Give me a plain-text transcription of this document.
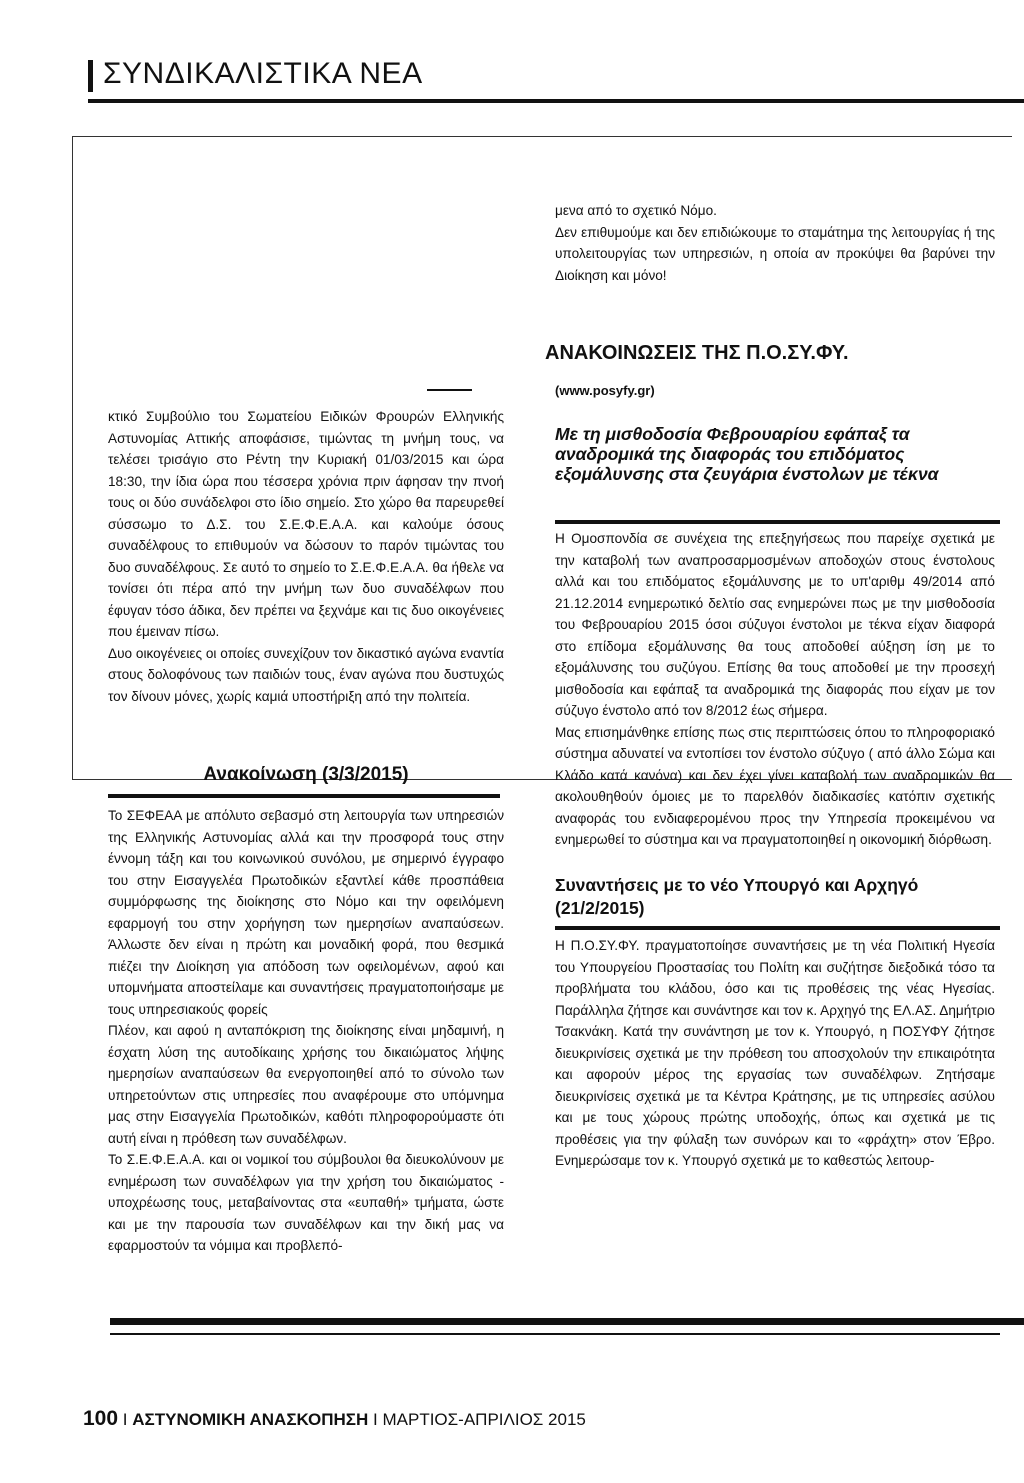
ΣΥΝΔΙΚΑΛΙΣΤΙΚΑ ΝΕΑ

μενα από το σχετικό Νόμο.

Δεν επιθυμούμε και δεν επιδιώκουμε το σταμάτημα της λειτουργίας ή της υπολειτουργίας των υπηρεσιών, η οποία αν προκύψει θα βαρύνει την Διοίκηση και μόνο!

κτικό Συμβούλιο του Σωματείου Ειδικών Φρουρών Ελληνικής Αστυνομίας Αττικής αποφάσισε, τιμώντας τη μνήμη τους, να τελέσει τρισάγιο στο Ρέντη την Κυριακή 01/03/2015 και ώρα 18:30, την ίδια ώρα που τέσσερα χρόνια πριν άφησαν την πνοή τους οι δύο συνάδελφοι στο ίδιο σημείο. Στο χώρο θα παρευρεθεί σύσσωμο το Δ.Σ. του Σ.Ε.Φ.Ε.Α.Α. και καλούμε όσους συναδέλφους το επιθυμούν να δώσουν το παρόν τιμώντας του δυο συναδέλφους. Σε αυτό το σημείο το Σ.Ε.Φ.Ε.Α.Α. θα ήθελε να τονίσει ότι πέρα από την μνήμη των δυο συναδέλφων που έφυγαν τόσο άδικα, δεν πρέπει να ξεχνάμε και τις δυο οικογένειες που έμειναν πίσω.

Δυο οικογένειες οι οποίες συνεχίζουν τον δικαστικό αγώνα εναντία στους δολοφόνους των παιδιών τους, έναν αγώνα που δυστυχώς τον δίνουν μόνες, χωρίς καμιά υποστήριξη από την πολιτεία.

Ανακοίνωση (3/3/2015)

Το ΣΕΦΕΑΑ με απόλυτο σεβασμό στη λειτουργία των υπηρεσιών της Ελληνικής Αστυνομίας αλλά και την προσφορά τους στην έννομη τάξη και του κοινωνικού συνόλου, με σημερινό έγγραφο του στην Εισαγγελέα Πρωτοδικών εξαντλεί κάθε προσπάθεια συμμόρφωσης της διοίκησης στο Νόμο και την οφειλόμενη εφαρμογή του στην χορήγηση των ημερησίων αναπαύσεων. Άλλωστε δεν είναι η πρώτη και μοναδική φορά, που θεσμικά πιέζει την Διοίκηση για απόδοση των οφειλομένων, αφού και υπομνήματα αποστείλαμε και συναντήσεις πραγματοποιήσαμε με τους υπηρεσιακούς φορείς

Πλέον, και αφού η ανταπόκριση της διοίκησης είναι μηδαμινή, η έσχατη λύση της αυτοδίκαιης χρήσης του δικαιώματος λήψης ημερησίων αναπαύσεων θα ενεργοποιηθεί από το σύνολο των υπηρετούντων στις υπηρεσίες που αναφέρουμε στο υπόμνημα μας στην Εισαγγελία Πρωτοδικών, καθότι πληροφορούμαστε ότι αυτή είναι η πρόθεση των συναδέλφων.

Το Σ.Ε.Φ.Ε.Α.Α. και οι νομικοί του σύμβουλοι θα διευκολύνουν με ενημέρωση των συναδέλφων για την χρήση του δικαιώματος - υποχρέωσης τους, μεταβαίνοντας στα «ευπαθή» τμήματα, ώστε και με την παρουσία των συναδέλφων και την δική μας να εφαρμοστούν τα νόμιμα και προβλεπό-

ΑΝΑΚΟΙΝΩΣΕΙΣ ΤΗΣ Π.Ο.ΣΥ.ΦΥ.
(www.posyfy.gr)
Με τη μισθοδοσία Φεβρουαρίου εφάπαξ τα αναδρομικά της διαφοράς του επιδόματος εξομάλυνσης στα ζευγάρια ένστολων με τέκνα

Η Ομοσπονδία σε συνέχεια της επεξηγήσεως που παρείχε σχετικά με την καταβολή των αναπροσαρμοσμένων αποδοχών στους ένστολους αλλά και του επιδόματος εξομάλυνσης με το υπ'αριθμ 49/2014 από 21.12.2014 ενημερωτικό δελτίο σας ενημερώνει πως με την μισθοδοσία του Φεβρουαρίου 2015 όσοι σύζυγοι ένστολοι με τέκνα είχαν διαφορά στο επίδομα εξομάλυνσης θα τους αποδοθεί αύξηση ίση με το εξομάλυνσης του συζύγου. Επίσης θα τους αποδοθεί με την προσεχή μισθοδοσία και εφάπαξ τα αναδρομικά της διαφοράς που είχαν με τον σύζυγο ένστολο από τον 8/2012 έως σήμερα.

Μας επισημάνθηκε επίσης πως στις περιπτώσεις όπου το πληροφοριακό σύστημα αδυνατεί να εντοπίσει τον ένστολο σύζυγο ( από άλλο Σώμα και Κλάδο κατά κανόνα) και δεν έχει γίνει καταβολή των αναδρομικών θα ακολουθηθούν όμοιες με το παρελθόν διαδικασίες κατόπιν σχετικής αναφοράς του ενδιαφερομένου προς την Υπηρεσία προκειμένου να ενημερωθεί το σύστημα και να πραγματοποιηθεί η οικονομική διόρθωση.

Συναντήσεις με το νέο Υπουργό και Αρχηγό (21/2/2015)

Η Π.Ο.ΣΥ.ΦΥ. πραγματοποίησε συναντήσεις με τη νέα Πολιτική Ηγεσία του Υπουργείου Προστασίας του Πολίτη και συζήτησε διεξοδικά τόσο τα προβλήματα του κλάδου, όσο και τις προθέσεις της νέας Ηγεσίας. Παράλληλα ζήτησε και συνάντησε και τον κ. Αρχηγό της ΕΛ.ΑΣ. Δημήτριο Τσακνάκη. Κατά την συνάντηση με τον κ. Υπουργό, η ΠΟΣΥΦΥ ζήτησε διευκρινίσεις σχετικά με την πρόθεση του αποσχολούν την επικαιρότητα και αφορούν μέρος της εργασίας των συναδέλφων. Ζητήσαμε διευκρινίσεις σχετικά με τα Κέντρα Κράτησης, με τις υπηρεσίες ασύλου και με τους χώρους πρώτης υποδοχής, όπως και σχετικά με τις προθέσεις για την φύλαξη των συνόρων και το «φράχτη» στον Έβρο. Ενημερώσαμε τον κ. Υπουργό σχετικά με το καθεστώς λειτουρ-

100 I ΑΣΤΥΝΟΜΙΚΗ ΑΝΑΣΚΟΠΗΣΗ I ΜΑΡΤΙΟΣ-ΑΠΡΙΛΙΟΣ 2015
